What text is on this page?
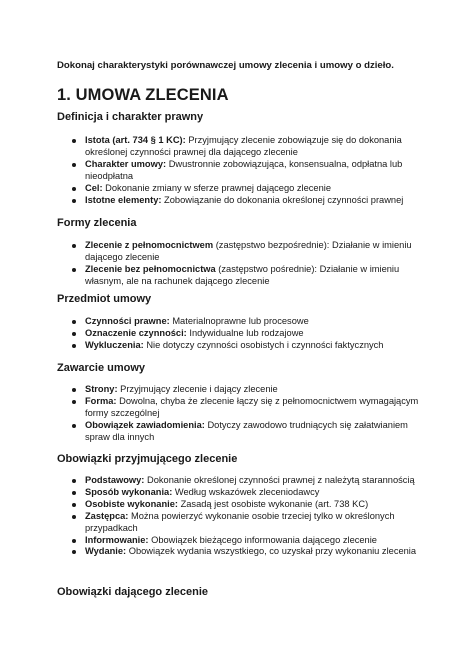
Dokonaj charakterystyki porównawczej umowy zlecenia i umowy o dzieło.
1. UMOWA ZLECENIA
Definicja i charakter prawny
Istota (art. 734 § 1 KC): Przyjmujący zlecenie zobowiązuje się do dokonania określonej czynności prawnej dla dającego zlecenie
Charakter umowy: Dwustronnie zobowiązująca, konsensualna, odpłatna lub nieodpłatna
Cel: Dokonanie zmiany w sferze prawnej dającego zlecenie
Istotne elementy: Zobowiązanie do dokonania określonej czynności prawnej
Formy zlecenia
Zlecenie z pełnomocnictwem (zastępstwo bezpośrednie): Działanie w imieniu dającego zlecenie
Zlecenie bez pełnomocnictwa (zastępstwo pośrednie): Działanie w imieniu własnym, ale na rachunek dającego zlecenie
Przedmiot umowy
Czynności prawne: Materialnoprawne lub procesowe
Oznaczenie czynności: Indywidualne lub rodzajowe
Wykluczenia: Nie dotyczy czynności osobistych i czynności faktycznych
Zawarcie umowy
Strony: Przyjmujący zlecenie i dający zlecenie
Forma: Dowolna, chyba że zlecenie łączy się z pełnomocnictwem wymagającym formy szczególnej
Obowiązek zawiadomienia: Dotyczy zawodowo trudniących się załatwianiem spraw dla innych
Obowiązki przyjmującego zlecenie
Podstawowy: Dokonanie określonej czynności prawnej z należytą starannością
Sposób wykonania: Według wskazówek zleceniodawcy
Osobiste wykonanie: Zasadą jest osobiste wykonanie (art. 738 KC)
Zastępca: Można powierzyć wykonanie osobie trzeciej tylko w określonych przypadkach
Informowanie: Obowiązek bieżącego informowania dającego zlecenie
Wydanie: Obowiązek wydania wszystkiego, co uzyskał przy wykonaniu zlecenia
Obowiązki dającego zlecenie
